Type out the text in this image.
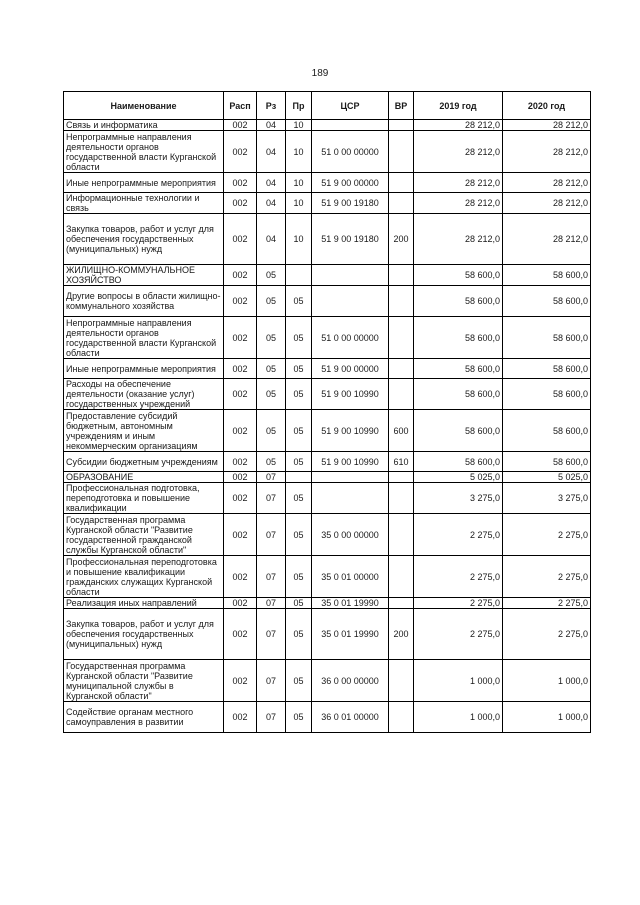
189
Наименование	Расп	Рз	Пр	ЦСР	ВР	2019 год	2020 год
Связь и информатика	002	04	10			28 212,0	28 212,0
Непрограммные направления деятельности органов государственной власти Курганской области	002	04	10	51 0 00 00000		28 212,0	28 212,0
Иные непрограммные мероприятия	002	04	10	51 9 00 00000		28 212,0	28 212,0
Информационные технологии и связь	002	04	10	51 9 00 19180		28 212,0	28 212,0
Закупка товаров, работ и услуг для обеспечения государственных (муниципальных) нужд	002	04	10	51 9 00 19180	200	28 212,0	28 212,0
ЖИЛИЩНО-КОММУНАЛЬНОЕ ХОЗЯЙСТВО	002	05				58 600,0	58 600,0
Другие вопросы в области жилищно-коммунального хозяйства	002	05	05			58 600,0	58 600,0
Непрограммные направления деятельности органов государственной власти Курганской области	002	05	05	51 0 00 00000		58 600,0	58 600,0
Иные непрограммные мероприятия	002	05	05	51 9 00 00000		58 600,0	58 600,0
Расходы на обеспечение деятельности (оказание услуг) государственных учреждений	002	05	05	51 9 00 10990		58 600,0	58 600,0
Предоставление субсидий бюджетным, автономным учреждениям и иным некоммерческим организациям	002	05	05	51 9 00 10990	600	58 600,0	58 600,0
Субсидии бюджетным учреждениям	002	05	05	51 9 00 10990	610	58 600,0	58 600,0
ОБРАЗОВАНИЕ	002	07				5 025,0	5 025,0
Профессиональная подготовка, переподготовка и повышение квалификации	002	07	05			3 275,0	3 275,0
Государственная программа Курганской области "Развитие государственной гражданской службы Курганской области"	002	07	05	35 0 00 00000		2 275,0	2 275,0
Профессиональная переподготовка и повышение квалификации гражданских служащих Курганской области	002	07	05	35 0 01 00000		2 275,0	2 275,0
Реализация иных направлений	002	07	05	35 0 01 19990		2 275,0	2 275,0
Закупка товаров, работ и услуг для обеспечения государственных (муниципальных) нужд	002	07	05	35 0 01 19990	200	2 275,0	2 275,0
Государственная программа Курганской области "Развитие муниципальной службы в Курганской области"	002	07	05	36 0 00 00000		1 000,0	1 000,0
Содействие органам местного самоуправления в развитии	002	07	05	36 0 01 00000		1 000,0	1 000,0
